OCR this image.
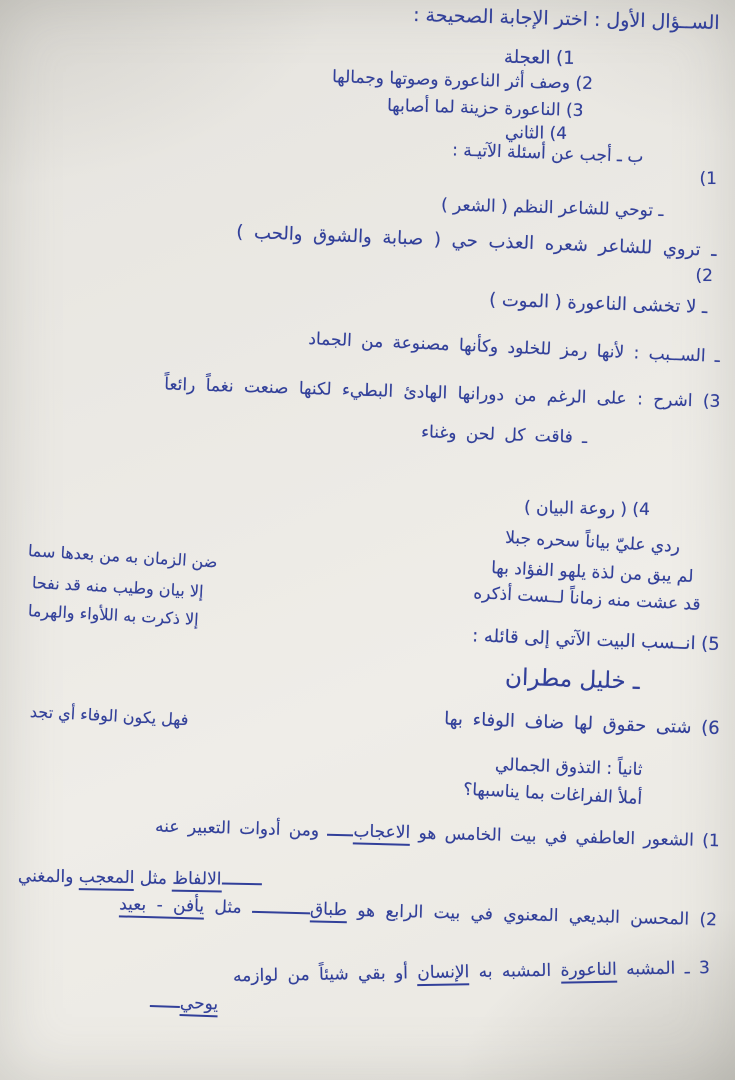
الســؤال الأول : اختر الإجابة الصحيحة :
1) العجلة
2) وصف أثر الناعورة وصوتها وجمالها
3) الناعورة حزينة لما أصابها
4) الثاني
ب ـ أجب عن أسئلة الآتيـة :
1)
ـ توحي للشاعر النظم ( الشعر )
ـ تروي للشاعر شعره العذب حي ( صبابة والشوق والحب )
2)
ـ لا تخشى الناعورة ( الموت )
ـ الســبب : لأنها رمز للخلود وكأنها مصنوعة من الجماد
3) اشرح : على الرغم من دورانها الهادئ البطيء لكنها صنعت نغماً رائعاً
ـ فاقت كل لحن وغناء
4) ( روعة البيان )
ردي عليّ بياناً سحره جبلا
لم يبق من لذة يلهو الفؤاد بها
قد عشت منه زماناً لــست أذكره
ضن الزمان به من بعدها سما
إلا بيان وطيب منه قد نفحا
إلا ذكرت به اللأواء والهرما
5) انــسب البيت الآتي إلى قائله :
ـ خليل مطران
6) شتى حقوق لها ضاف الوفاء بها
فهل يكون الوفاء أي تجد
ثانياً : التذوق الجمالي
أملأ الفراغات بما يناسبها؟
1) الشعور العاطفي في بيت الخامس هو الاعجاب ومن أدوات التعبير عنه
الالفاظ مثل المعجب والمغني
2) المحسن البديعي المعنوي في بيت الرابع هو طباق مثل يأفن - بعيد
3 ـ المشبه الناعورة المشبه به الإنسان أو بقي شيئاً من لوازمه
يوحي
